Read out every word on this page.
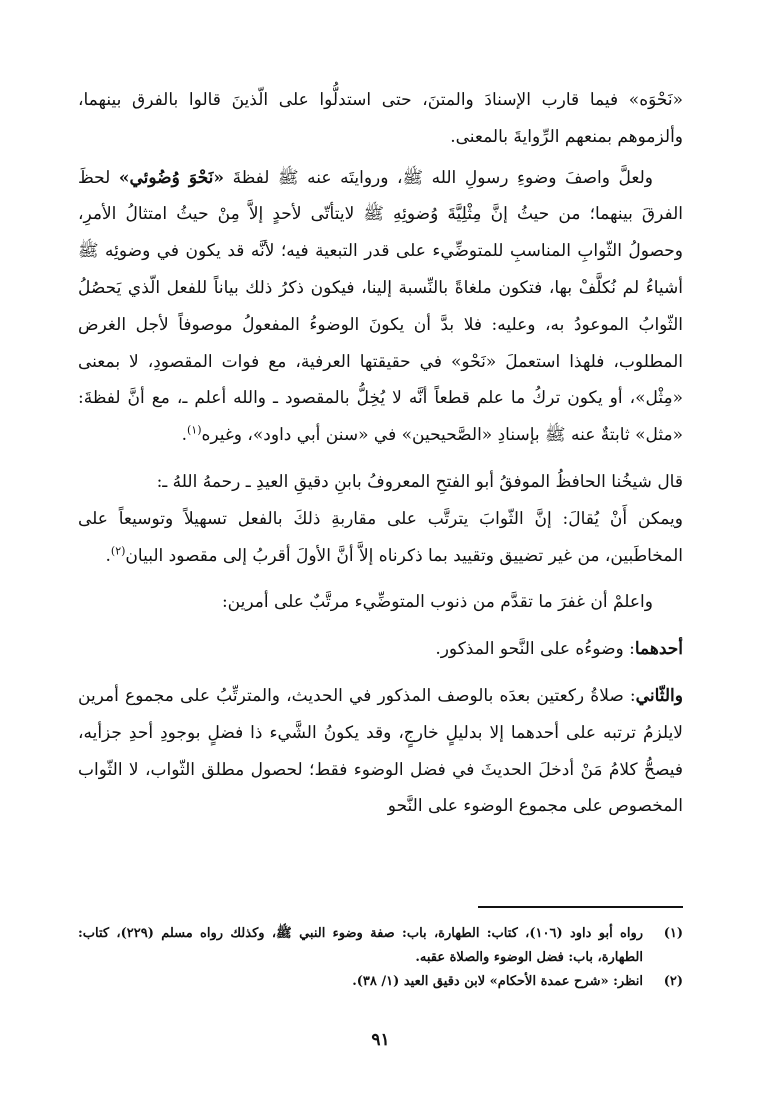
«نَحْوَه» فيما قارب الإسنادَ والمتنَ، حتى استدلُّوا على الّذينَ قالوا بالفرق بينهما، وألزموهم بمنعهم الرِّوايةَ بالمعنى.

ولعلَّ واصفَ وضوءِ رسولِ الله ﷺ، وروايتَه عنه ﷺ لفظةَ «نَحْوَ وُضُوئي» لحظَ الفرقَ بينهما؛ من حيثُ إنَّ مِثْلِيَّةَ وُضوئِهِ ﷺ لايتأتّى لأحدٍ إلاَّ مِنْ حيثُ امتثالُ الأمرِ، وحصولُ الثّوابِ المناسبِ للمتوضِّيء على قدر التبعية فيه؛ لأنَّه قد يكون في وضوئِه ﷺ أشياءُ لم نُكلَّفْ بها، فتكون ملغاةً بالنِّسبة إلينا، فيكون ذكرُ ذلك بياناً للفعل الّذي يَحصُلُ الثّوابُ الموعودُ به، وعليه: فلا بدَّ أن يكونَ الوضوءُ المفعولُ موصوفاً لأجل الغرض المطلوب، فلهذا استعملَ «نَحْو» في حقيقتها العرفية، مع فوات المقصودِ، لا بمعنى «مِثْل»، أو يكون تركُ ما علم قطعاً أنَّه لا يُخِلُّ بالمقصود ـ والله أعلم ـ، مع أنَّ لفظةَ: «مثل» ثابتةٌ عنه ﷺ بإسنادِ «الصَّحيحين» في «سنن أبي داود»، وغيره$^{(١)}$.

قال شيخُنا الحافظُ الموفقُ أبو الفتحِ المعروفُ بابنِ دقيقِ العيدِ ـ رحمهُ اللهُ ـ:

ويمكن أَنْ يُقالَ: إنَّ الثّوابَ يترتَّب على مقاربةِ ذلكَ بالفعل تسهيلاً وتوسيعاً على المخاطَبين، من غير تضييق وتقييد بما ذكرناه إلاَّ أنَّ الأولَ أقربُ إلى مقصود البيان$^{(٢)}$.

واعلمْ أن غفرَ ما تقدَّم من ذنوب المتوضِّيء مرتَّبٌ على أمرين:

أحدهما: وضوءُه على النَّحو المذكور.

والثّاني: صلاةُ ركعتين بعدَه بالوصف المذكور في الحديث، والمترتِّبُ على مجموع أمرين لايلزمُ ترتبه على أحدهما إلا بدليلٍ خارجٍ، وقد يكونُ الشَّيء ذا فضلٍ بوجودِ أحدِ جزأيه، فيصحُّ كلامُ مَنْ أدخلَ الحديثَ في فضل الوضوء فقط؛ لحصول مطلق الثّواب، لا الثّواب المخصوص على مجموع الوضوء على النَّحو

(١)
رواه أبو داود (١٠٦)، كتاب: الطهارة، باب: صفة وضوء النبي ﷺ، وكذلك رواه مسلم (٢٢٩)، كتاب: الطهارة، باب: فضل الوضوء والصلاة عقبه.
(٢)
انظر: «شرح عمدة الأحكام» لابن دقيق العيد (١/ ٣٨).
٩١
